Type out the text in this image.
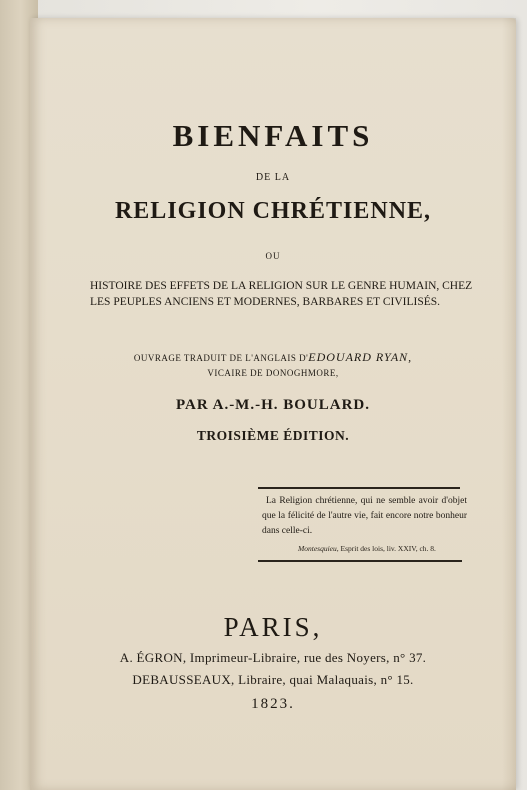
BIENFAITS
DE LA
RELIGION CHRÉTIENNE,
OU
HISTOIRE DES EFFETS DE LA RELIGION SUR LE GENRE HUMAIN, CHEZ LES PEUPLES ANCIENS ET MODERNES, BARBARES ET CIVILISÉS.
OUVRAGE TRADUIT DE L'ANGLAIS D'EDOUARD RYAN,
VICAIRE DE DONOGHMORE,
PAR A.-M.-H. BOULARD.
TROISIÈME ÉDITION.
La Religion chrétienne, qui ne semble avoir d'objet que la félicité de l'autre vie, fait encore notre bonheur dans celle-ci.
Montesquieu, Esprit des lois, liv. XXIV, ch. 8.
PARIS,
A. ÉGRON, Imprimeur-Libraire, rue des Noyers, n° 37.
DEBAUSSEAUX, Libraire, quai Malaquais, n° 15.
1823.
